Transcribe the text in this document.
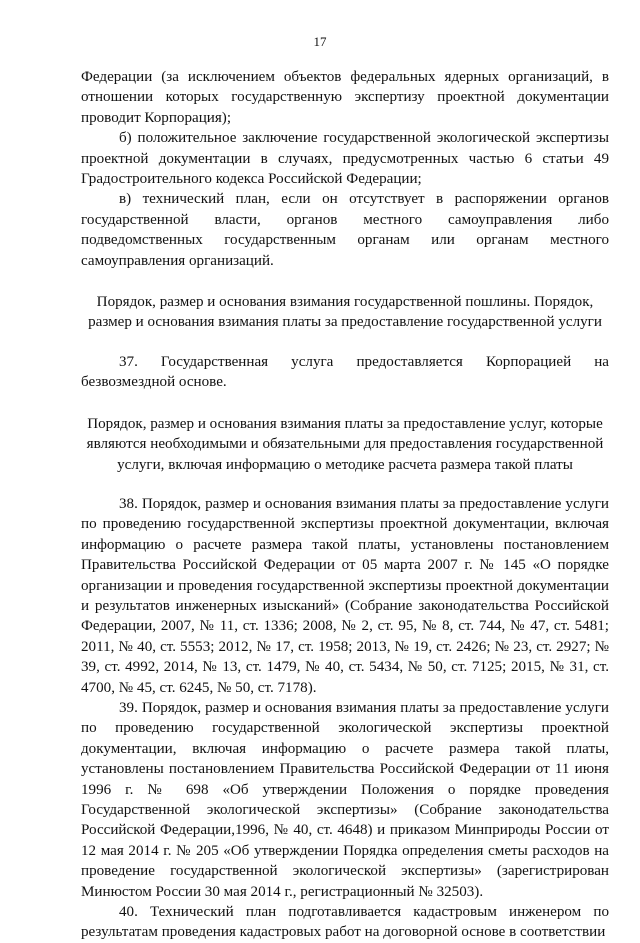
17

Федерации (за исключением объектов федеральных ядерных организаций, в отношении которых государственную экспертизу проектной документации проводит Корпорация);

б) положительное заключение государственной экологической экспертизы проектной документации в случаях, предусмотренных частью 6 статьи 49 Градостроительного кодекса Российской Федерации;

в) технический план, если он отсутствует в распоряжении органов государственной власти, органов местного самоуправления либо подведомственных государственным органам или органам местного самоуправления организаций.

Порядок, размер и основания взимания государственной пошлины. Порядок, размер и основания взимания платы за предоставление государственной услуги

37. Государственная услуга предоставляется Корпорацией на безвозмездной основе.

Порядок, размер и основания взимания платы за предоставление услуг, которые являются необходимыми и обязательными для предоставления государственной услуги, включая информацию о методике расчета размера такой платы

38. Порядок, размер и основания взимания платы за предоставление услуги по проведению государственной экспертизы проектной документации, включая информацию о расчете размера такой платы, установлены постановлением Правительства Российской Федерации от 05 марта 2007 г. № 145 «О порядке организации и проведения государственной экспертизы проектной документации и результатов инженерных изысканий» (Собрание законодательства Российской Федерации, 2007, № 11, ст. 1336; 2008, № 2, ст. 95, № 8, ст. 744, № 47, ст. 5481; 2011, № 40, ст. 5553; 2012, № 17, ст. 1958; 2013, № 19, ст. 2426; № 23, ст. 2927; № 39, ст. 4992, 2014, № 13, ст. 1479, № 40, ст. 5434, № 50, ст. 7125; 2015, № 31, ст. 4700, № 45, ст. 6245, № 50, ст. 7178).

39. Порядок, размер и основания взимания платы за предоставление услуги по проведению государственной экологической экспертизы проектной документации, включая информацию о расчете размера такой платы, установлены постановлением Правительства Российской Федерации от 11 июня 1996 г. № 698 «Об утверждении Положения о порядке проведения Государственной экологической экспертизы» (Собрание законодательства Российской Федерации,1996, № 40, ст. 4648) и приказом Минприроды России от 12 мая 2014 г. № 205 «Об утверждении Порядка определения сметы расходов на проведение государственной экологической экспертизы» (зарегистрирован Минюстом России 30 мая 2014 г., регистрационный № 32503).

40. Технический план подготавливается кадастровым инженером по результатам проведения кадастровых работ на договорной основе в соответствии
